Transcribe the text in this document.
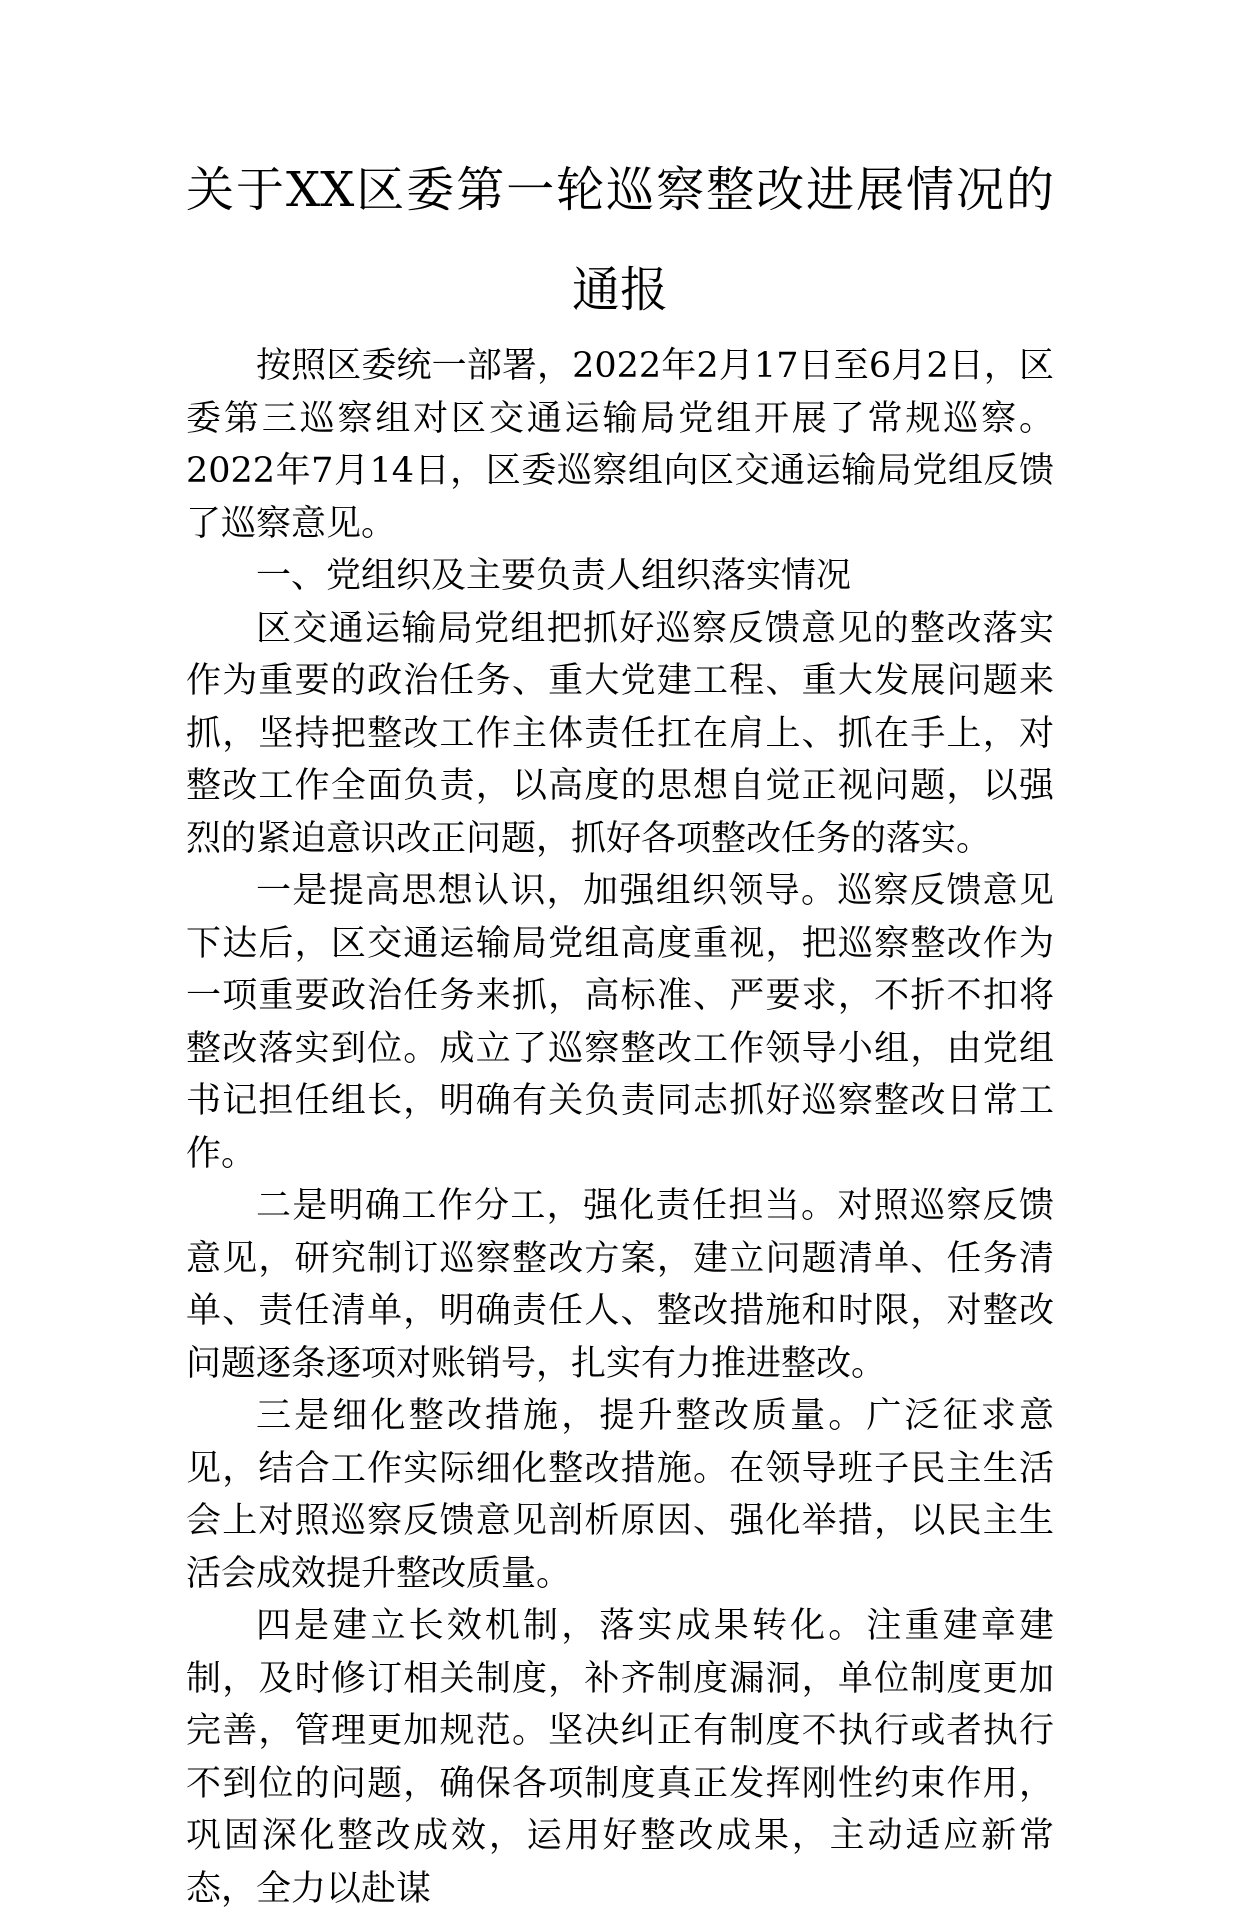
关于XX区委第一轮巡察整改进展情况的通报

按照区委统一部署，2022年2月17日至6月2日，区委第三巡察组对区交通运输局党组开展了常规巡察。2022年7月14日，区委巡察组向区交通运输局党组反馈了巡察意见。

一、党组织及主要负责人组织落实情况

区交通运输局党组把抓好巡察反馈意见的整改落实作为重要的政治任务、重大党建工程、重大发展问题来抓，坚持把整改工作主体责任扛在肩上、抓在手上，对整改工作全面负责，以高度的思想自觉正视问题，以强烈的紧迫意识改正问题，抓好各项整改任务的落实。

一是提高思想认识，加强组织领导。巡察反馈意见下达后，区交通运输局党组高度重视，把巡察整改作为一项重要政治任务来抓，高标准、严要求，不折不扣将整改落实到位。成立了巡察整改工作领导小组，由党组书记担任组长，明确有关负责同志抓好巡察整改日常工作。

二是明确工作分工，强化责任担当。对照巡察反馈意见，研究制订巡察整改方案，建立问题清单、任务清单、责任清单，明确责任人、整改措施和时限，对整改问题逐条逐项对账销号，扎实有力推进整改。

三是细化整改措施，提升整改质量。广泛征求意见，结合工作实际细化整改措施。在领导班子民主生活会上对照巡察反馈意见剖析原因、强化举措，以民主生活会成效提升整改质量。

四是建立长效机制，落实成果转化。注重建章建制，及时修订相关制度，补齐制度漏洞，单位制度更加完善，管理更加规范。坚决纠正有制度不执行或者执行不到位的问题，确保各项制度真正发挥刚性约束作用，巩固深化整改成效，运用好整改成果，主动适应新常态，全力以赴谋
